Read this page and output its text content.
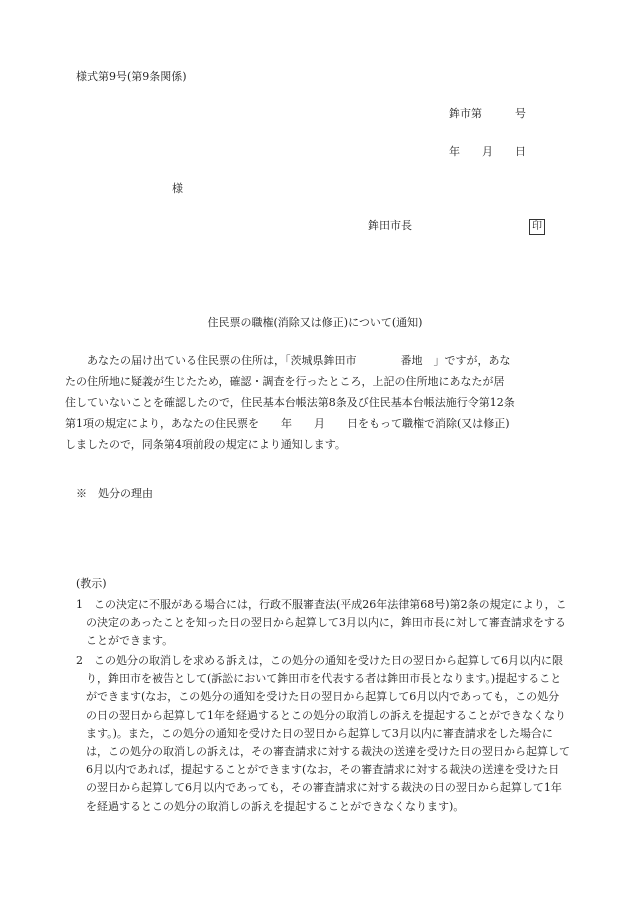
様式第9号(第9条関係)
鉾市第　　　号
年　　月　　日
様
鉾田市長	印
住民票の職権(消除又は修正)について(通知)
あなたの届け出ている住民票の住所は，「茨城県鉾田市　　　　番地　」ですが，あな
たの住所地に疑義が生じたため，確認・調査を行ったところ，上記の住所地にあなたが居
住していないことを確認したので，住民基本台帳法第8条及び住民基本台帳法施行令第12条
第1項の規定により，あなたの住民票を　　年　　月　　日をもって職権で消除(又は修正)
しましたので，同条第4項前段の規定により通知します。
※　処分の理由
(教示)
1 この決定に不服がある場合には，行政不服審査法(平成26年法律第68号)第2条の規定により，この決定のあったことを知った日の翌日から起算して3月以内に，鉾田市長に対して審査請求をすることができます。
2 この処分の取消しを求める訴えは，この処分の通知を受けた日の翌日から起算して6月以内に限り，鉾田市を被告として(訴訟において鉾田市を代表する者は鉾田市長となります。)提起することができます(なお，この処分の通知を受けた日の翌日から起算して6月以内であっても，この処分の日の翌日から起算して1年を経過するとこの処分の取消しの訴えを提起することができなくなります。)。また，この処分の通知を受けた日の翌日から起算して3月以内に審査請求をした場合には，この処分の取消しの訴えは，その審査請求に対する裁決の送達を受けた日の翌日から起算して6月以内であれば，提起することができます(なお，その審査請求に対する裁決の送達を受けた日の翌日から起算して6月以内であっても，その審査請求に対する裁決の日の翌日から起算して1年を経過するとこの処分の取消しの訴えを提起することができなくなります)。
